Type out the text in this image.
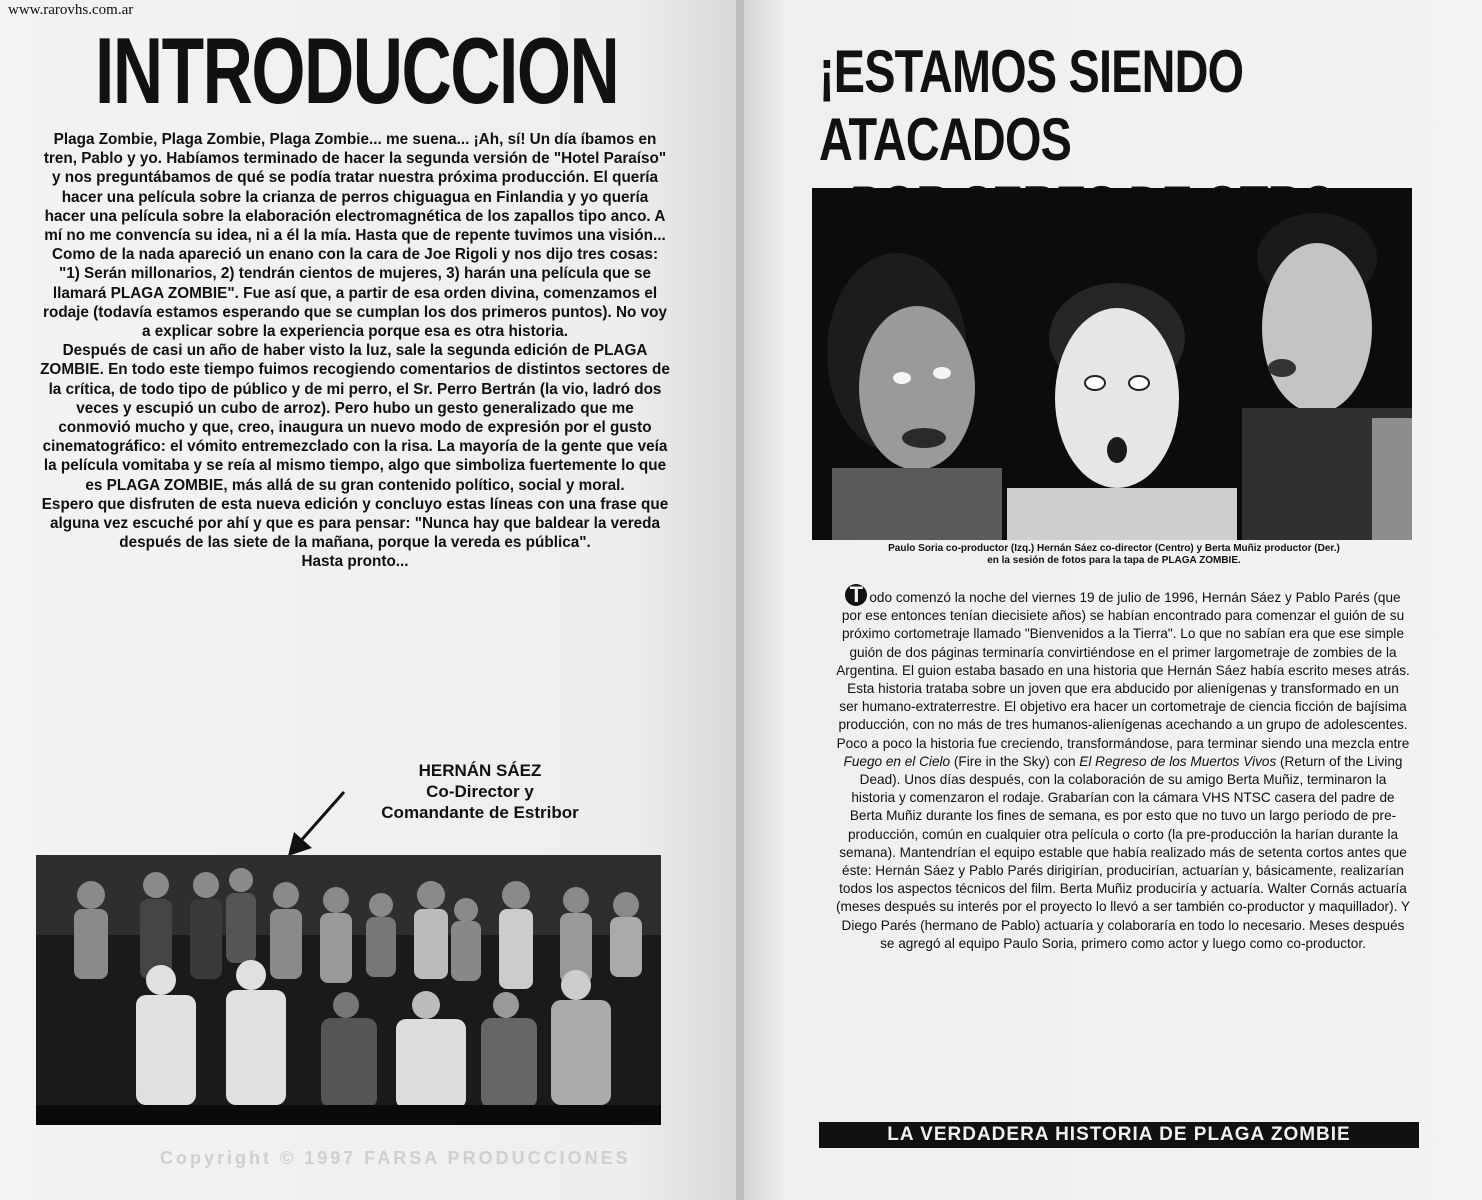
www.rarovhs.com.ar
INTRODUCCION

Plaga Zombie, Plaga Zombie, Plaga Zombie... me suena... ¡Ah, sí! Un día íbamos en tren, Pablo y yo. Habíamos terminado de hacer la segunda versión de "Hotel Paraíso" y nos preguntábamos de qué se podía tratar nuestra próxima producción. El quería hacer una película sobre la crianza de perros chiguagua en Finlandia y yo quería hacer una película sobre la elaboración electromagnética de los zapallos tipo anco. A mí no me convencía su idea, ni a él la mía. Hasta que de repente tuvimos una visión... Como de la nada apareció un enano con la cara de Joe Rigoli y nos dijo tres cosas: "1) Serán millonarios, 2) tendrán cientos de mujeres, 3) harán una película que se llamará PLAGA ZOMBIE". Fue así que, a partir de esa orden divina, comenzamos el rodaje (todavía estamos esperando que se cumplan los dos primeros puntos). No voy a explicar sobre la experiencia porque esa es otra historia.

Después de casi un año de haber visto la luz, sale la segunda edición de PLAGA ZOMBIE. En todo este tiempo fuimos recogiendo comentarios de distintos sectores de la crítica, de todo tipo de público y de mi perro, el Sr. Perro Bertrán (la vio, ladró dos veces y escupió un cubo de arroz). Pero hubo un gesto generalizado que me conmovió mucho y que, creo, inaugura un nuevo modo de expresión por el gusto cinematográfico: el vómito entremezclado con la risa. La mayoría de la gente que veía la película vomitaba y se reía al mismo tiempo, algo que simboliza fuertemente lo que es PLAGA ZOMBIE, más allá de su gran contenido político, social y moral.

Espero que disfruten de esta nueva edición y concluyo estas líneas con una frase que alguna vez escuché por ahí y que es para pensar: "Nunca hay que baldear la vereda después de las siete de la mañana, porque la vereda es pública".

Hasta pronto...

HERNÁN SÁEZ
Co-Director y
Comandante de Estribor
Copyright © 1997 FARSA PRODUCCIONES
¡ESTAMOS SIENDO ATACADOS
Paulo Soria co-productor (Izq.) Hernán Sáez co-director (Centro) y Berta Muñiz productor (Der.)
en la sesión de fotos para la tapa de PLAGA ZOMBIE.
T odo comenzó la noche del viernes 19 de julio de 1996, Hernán Sáez y Pablo Parés (que por ese entonces tenían diecisiete años) se habían encontrado para comenzar el guión de su próximo cortometraje llamado "Bienvenidos a la Tierra". Lo que no sabían era que ese simple guión de dos páginas terminaría convirtiéndose en el primer largometraje de zombies de la Argentina. El guion estaba basado en una historia que Hernán Sáez había escrito meses atrás. Esta historia trataba sobre un joven que era abducido por alienígenas y transformado en un ser humano-extraterrestre. El objetivo era hacer un cortometraje de ciencia ficción de bajísima producción, con no más de tres humanos-alienígenas acechando a un grupo de adolescentes. Poco a poco la historia fue creciendo, transformándose, para terminar siendo una mezcla entre Fuego en el Cielo (Fire in the Sky) con El Regreso de los Muertos Vivos (Return of the Living Dead). Unos días después, con la colaboración de su amigo Berta Muñiz, terminaron la historia y comenzaron el rodaje. Grabarían con la cámara VHS NTSC casera del padre de Berta Muñiz durante los fines de semana, es por esto que no tuvo un largo período de pre-producción, común en cualquier otra película o corto (la pre-producción la harían durante la semana). Mantendrían el equipo estable que había realizado más de setenta cortos antes que éste: Hernán Sáez y Pablo Parés dirigirían, producirían, actuarían y, básicamente, realizarían todos los aspectos técnicos del film. Berta Muñiz produciría y actuaría. Walter Cornás actuaría (meses después su interés por el proyecto lo llevó a ser también co-productor y maquillador). Y Diego Parés (hermano de Pablo) actuaría y colaboraría en todo lo necesario. Meses después se agregó al equipo Paulo Soria, primero como actor y luego como co-productor.
LA VERDADERA HISTORIA DE PLAGA ZOMBIE
